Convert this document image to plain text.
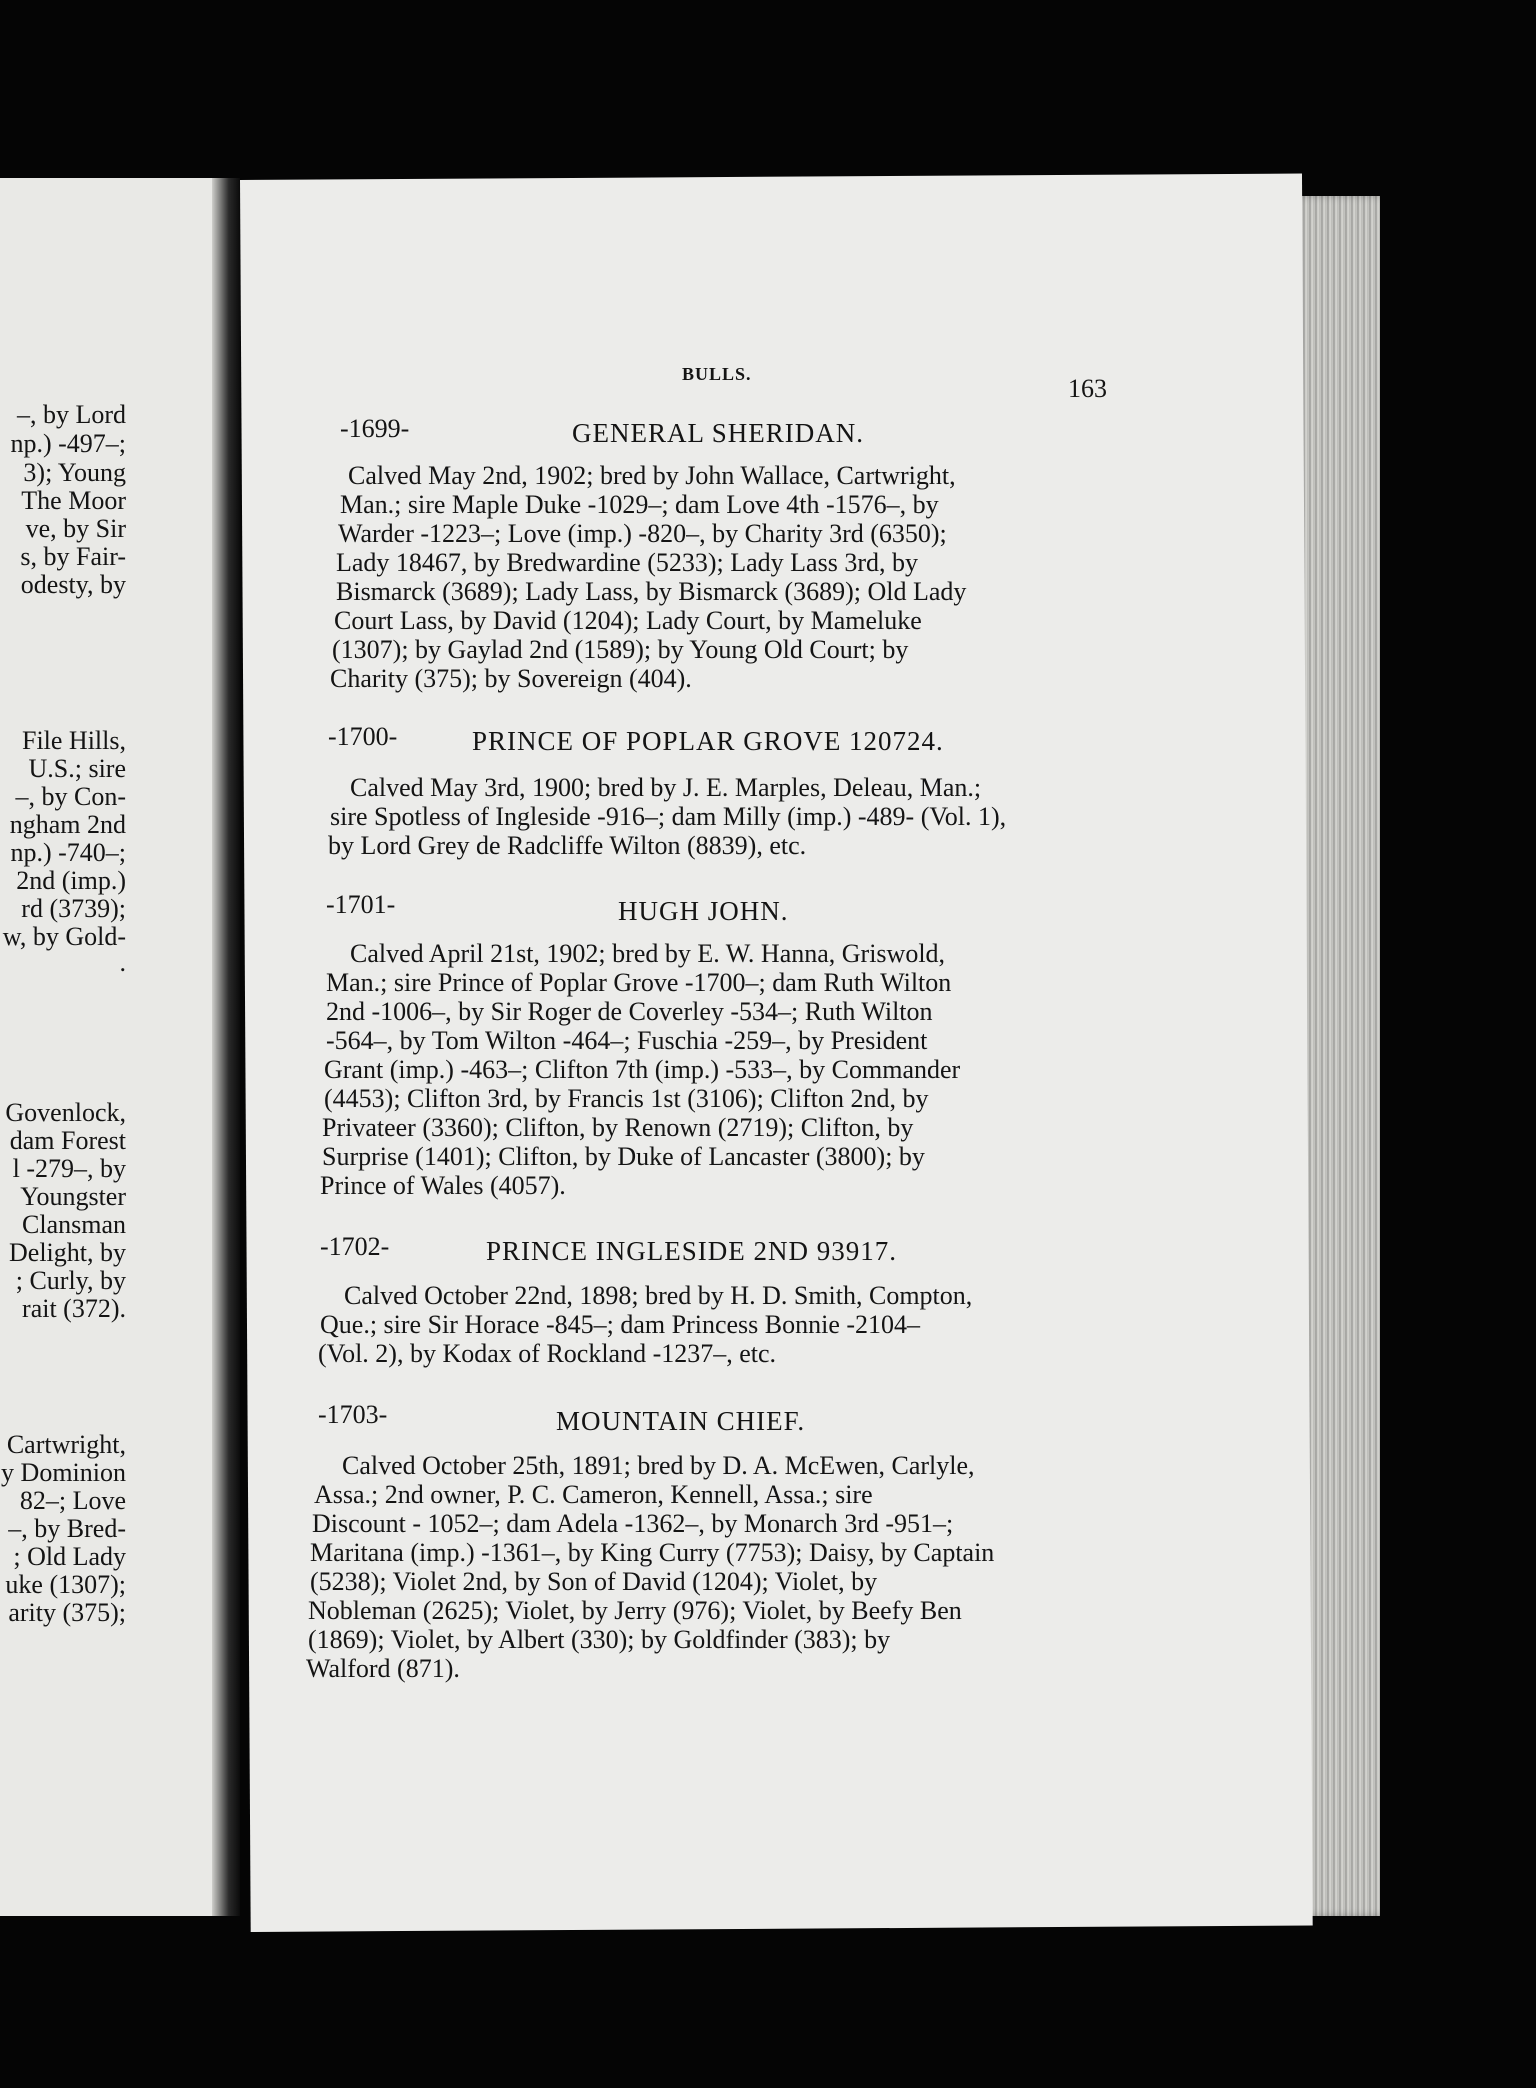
–, by Lord
np.) -497–;
3); Young
The Moor
ve, by Sir
s, by Fair-
odesty, by
File Hills,
U.S.; sire
–, by Con-
ngham 2nd
np.) -740–;
2nd (imp.)
rd (3739);
w, by Gold-
.
Govenlock,
dam Forest
l -279–, by
Youngster
Clansman
Delight, by
; Curly, by
rait (372).
Cartwright,
y Dominion
82–; Love
–, by Bred-
; Old Lady
uke (1307);
arity (375);
BULLS.	163
-1699-	GENERAL SHERIDAN.
Calved May 2nd, 1902; bred by John Wallace, Cartwright,
Man.; sire Maple Duke -1029–; dam Love 4th -1576–, by
Warder -1223–; Love (imp.) -820–, by Charity 3rd (6350);
Lady 18467, by Bredwardine (5233); Lady Lass 3rd, by
Bismarck (3689); Lady Lass, by Bismarck (3689); Old Lady
Court Lass, by David (1204); Lady Court, by Mameluke
(1307); by Gaylad 2nd (1589); by Young Old Court; by
Charity (375); by Sovereign (404).
-1700-	PRINCE OF POPLAR GROVE 120724.
Calved May 3rd, 1900; bred by J. E. Marples, Deleau, Man.;
sire Spotless of Ingleside -916–; dam Milly (imp.) -489- (Vol. 1),
by Lord Grey de Radcliffe Wilton (8839), etc.
-1701-	HUGH JOHN.
Calved April 21st, 1902; bred by E. W. Hanna, Griswold,
Man.; sire Prince of Poplar Grove -1700–; dam Ruth Wilton
2nd -1006–, by Sir Roger de Coverley -534–; Ruth Wilton
-564–, by Tom Wilton -464–; Fuschia -259–, by President
Grant (imp.) -463–; Clifton 7th (imp.) -533–, by Commander
(4453); Clifton 3rd, by Francis 1st (3106); Clifton 2nd, by
Privateer (3360); Clifton, by Renown (2719); Clifton, by
Surprise (1401); Clifton, by Duke of Lancaster (3800); by
Prince of Wales (4057).
-1702-	PRINCE INGLESIDE 2ND 93917.
Calved October 22nd, 1898; bred by H. D. Smith, Compton,
Que.; sire Sir Horace -845–; dam Princess Bonnie -2104–
(Vol. 2), by Kodax of Rockland -1237–, etc.
-1703-	MOUNTAIN CHIEF.
Calved October 25th, 1891; bred by D. A. McEwen, Carlyle,
Assa.; 2nd owner, P. C. Cameron, Kennell, Assa.; sire
Discount - 1052–; dam Adela -1362–, by Monarch 3rd -951–;
Maritana (imp.) -1361–, by King Curry (7753); Daisy, by Captain
(5238); Violet 2nd, by Son of David (1204); Violet, by
Nobleman (2625); Violet, by Jerry (976); Violet, by Beefy Ben
(1869); Violet, by Albert (330); by Goldfinder (383); by
Walford (871).
